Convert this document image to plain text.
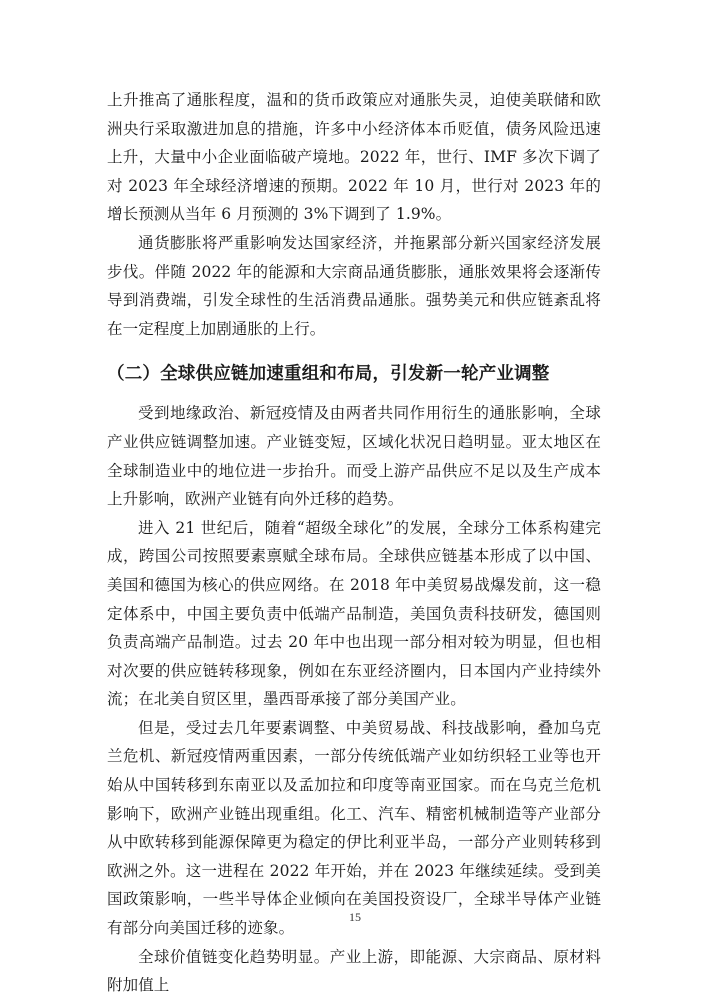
上升推高了通胀程度，温和的货币政策应对通胀失灵，迫使美联储和欧洲央行采取激进加息的措施，许多中小经济体本币贬值，债务风险迅速上升，大量中小企业面临破产境地。2022 年，世行、IMF 多次下调了对 2023 年全球经济增速的预期。2022 年 10 月，世行对 2023 年的增长预测从当年 6 月预测的 3%下调到了 1.9%。

通货膨胀将严重影响发达国家经济，并拖累部分新兴国家经济发展步伐。伴随 2022 年的能源和大宗商品通货膨胀，通胀效果将会逐渐传导到消费端，引发全球性的生活消费品通胀。强势美元和供应链紊乱将在一定程度上加剧通胀的上行。

（二）全球供应链加速重组和布局，引发新一轮产业调整

受到地缘政治、新冠疫情及由两者共同作用衍生的通胀影响，全球产业供应链调整加速。产业链变短，区域化状况日趋明显。亚太地区在全球制造业中的地位进一步抬升。而受上游产品供应不足以及生产成本上升影响，欧洲产业链有向外迁移的趋势。

进入 21 世纪后，随着“超级全球化”的发展，全球分工体系构建完成，跨国公司按照要素禀赋全球布局。全球供应链基本形成了以中国、美国和德国为核心的供应网络。在 2018 年中美贸易战爆发前，这一稳定体系中，中国主要负责中低端产品制造，美国负责科技研发，德国则负责高端产品制造。过去 20 年中也出现一部分相对较为明显，但也相对次要的供应链转移现象，例如在东亚经济圈内，日本国内产业持续外流；在北美自贸区里，墨西哥承接了部分美国产业。

但是，受过去几年要素调整、中美贸易战、科技战影响，叠加乌克兰危机、新冠疫情两重因素，一部分传统低端产业如纺织轻工业等也开始从中国转移到东南亚以及孟加拉和印度等南亚国家。而在乌克兰危机影响下，欧洲产业链出现重组。化工、汽车、精密机械制造等产业部分从中欧转移到能源保障更为稳定的伊比利亚半岛，一部分产业则转移到欧洲之外。这一进程在 2022 年开始，并在 2023 年继续延续。受到美国政策影响，一些半导体企业倾向在美国投资设厂，全球半导体产业链有部分向美国迁移的迹象。

全球价值链变化趋势明显。产业上游，即能源、大宗商品、原材料附加值上

15
